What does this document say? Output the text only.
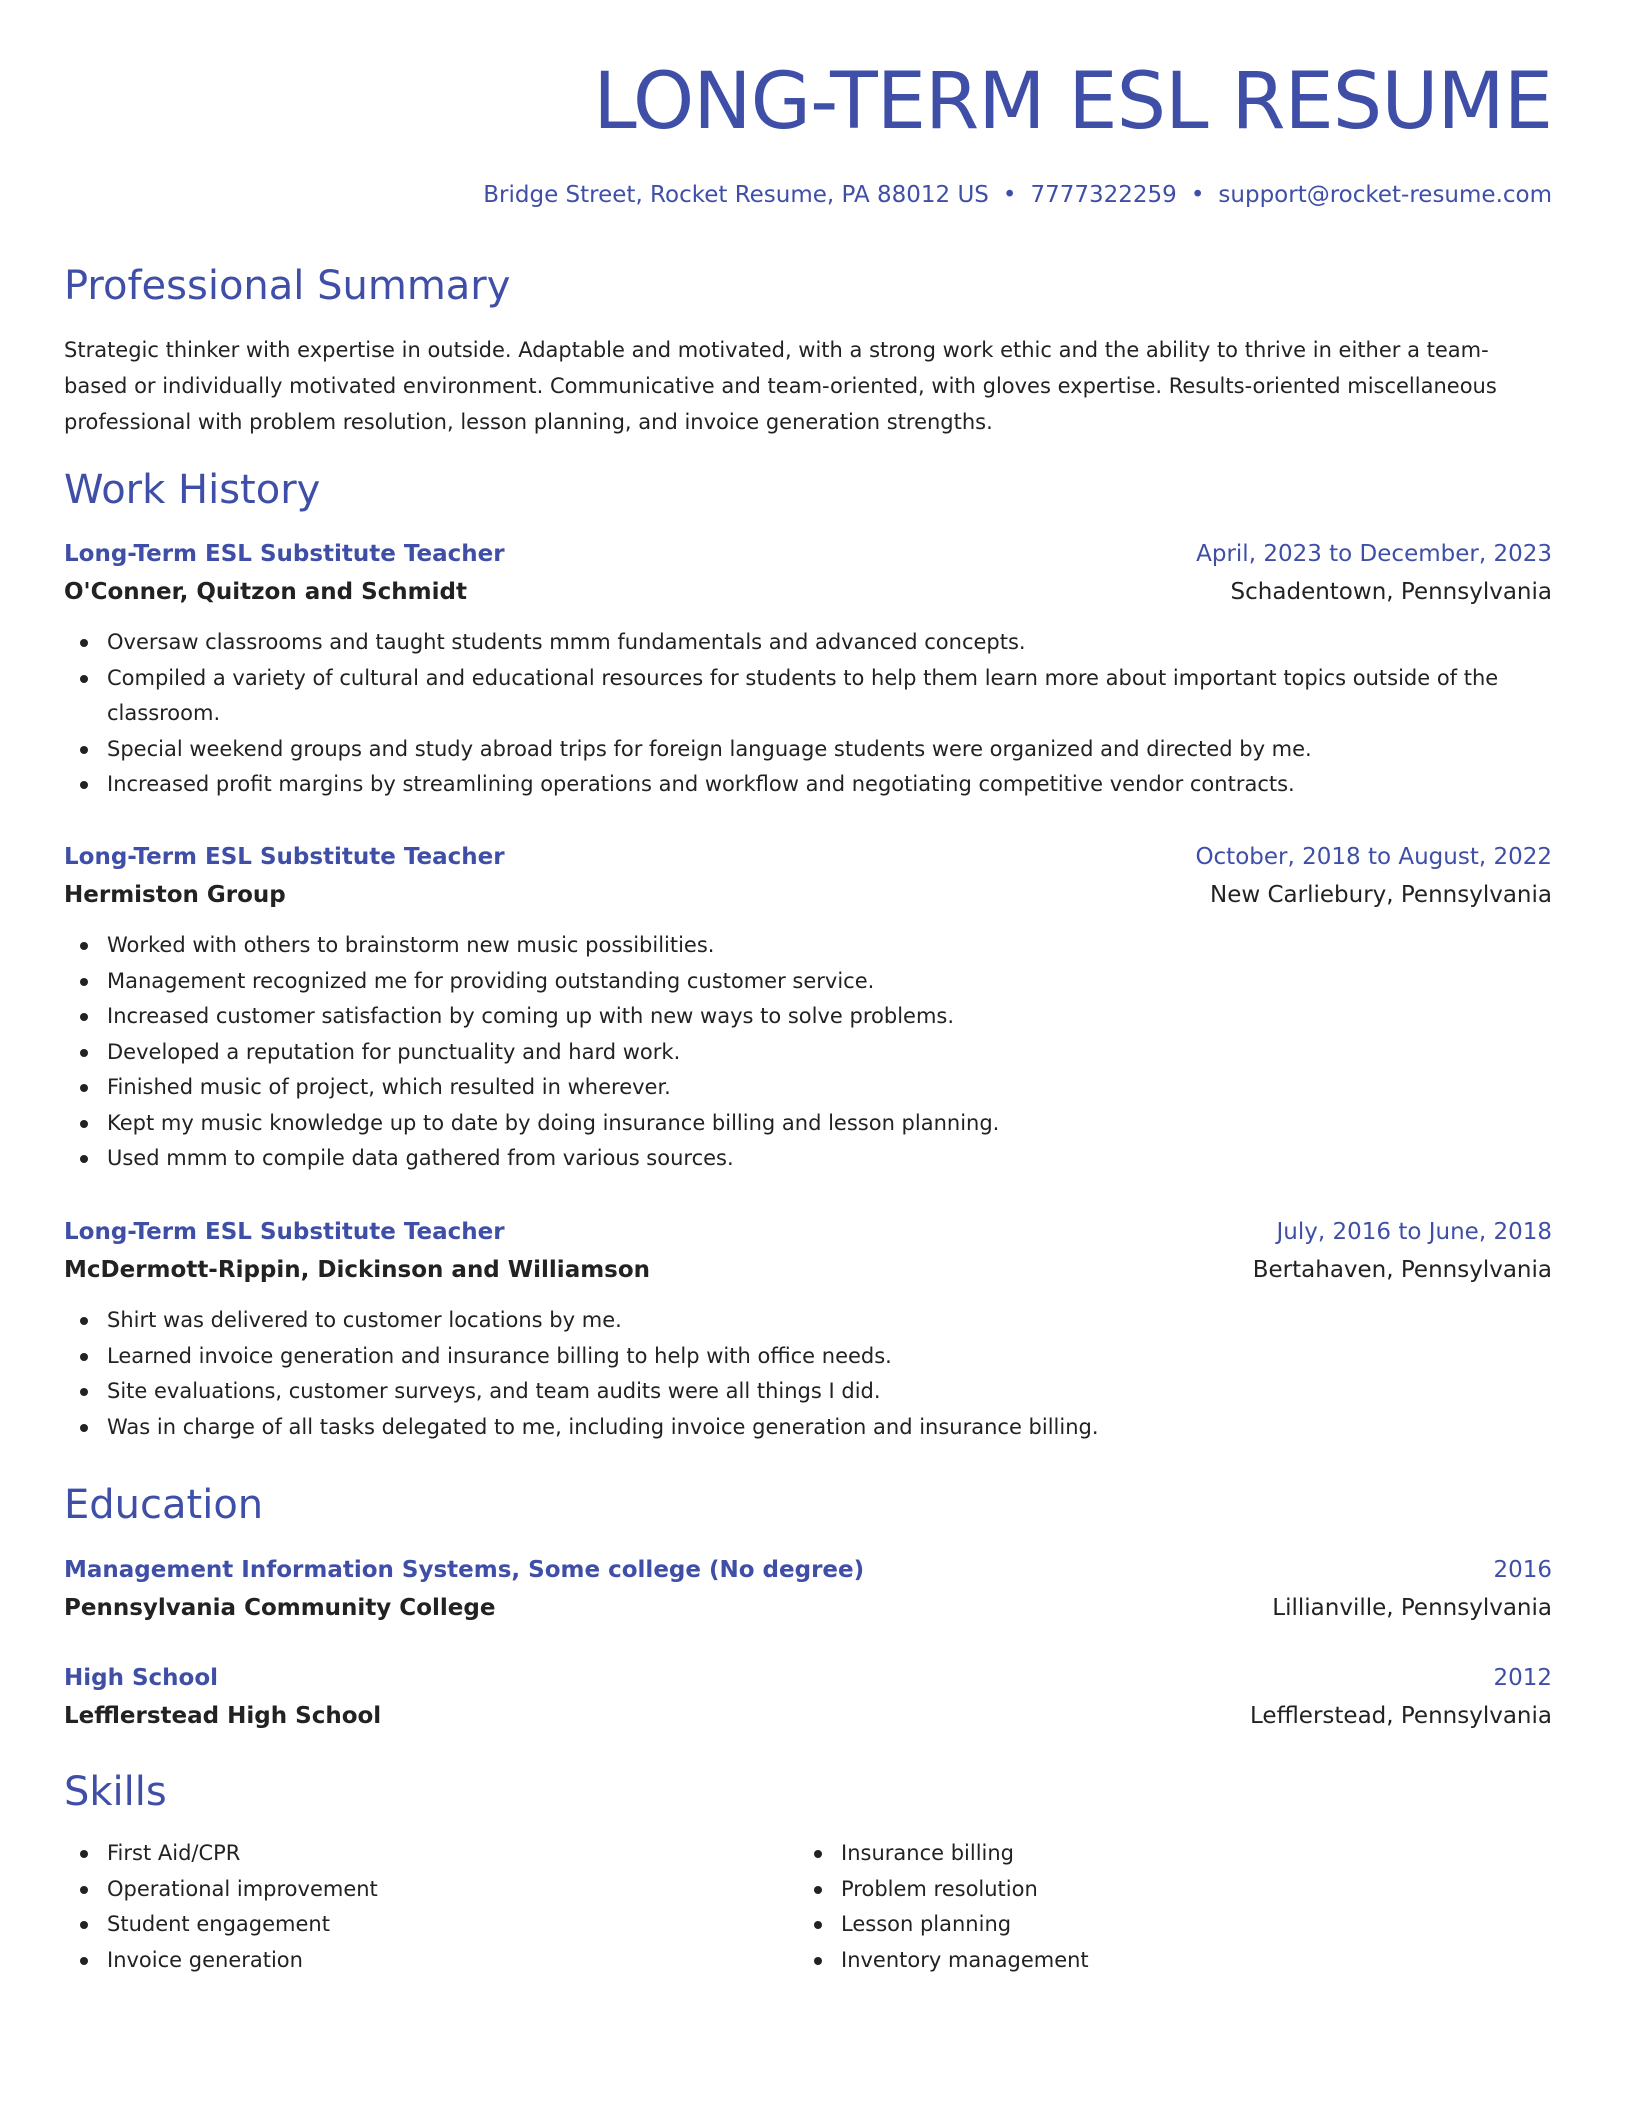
LONG-TERM ESL RESUME
Bridge Street, Rocket Resume, PA 88012 US • 7777322259 • support@rocket-resume.com
Professional Summary

Strategic thinker with expertise in outside. Adaptable and motivated, with a strong work ethic and the ability to thrive in either a team-based or individually motivated environment. Communicative and team-oriented, with gloves expertise. Results-oriented miscellaneous professional with problem resolution, lesson planning, and invoice generation strengths.

Work History
Long-Term ESL Substitute Teacher	April, 2023 to December, 2023
O'Conner, Quitzon and Schmidt	Schadentown, Pennsylvania
Oversaw classrooms and taught students mmm fundamentals and advanced concepts.
Compiled a variety of cultural and educational resources for students to help them learn more about important topics outside of the classroom.
Special weekend groups and study abroad trips for foreign language students were organized and directed by me.
Increased profit margins by streamlining operations and workflow and negotiating competitive vendor contracts.
Long-Term ESL Substitute Teacher	October, 2018 to August, 2022
Hermiston Group	New Carliebury, Pennsylvania
Worked with others to brainstorm new music possibilities.
Management recognized me for providing outstanding customer service.
Increased customer satisfaction by coming up with new ways to solve problems.
Developed a reputation for punctuality and hard work.
Finished music of project, which resulted in wherever.
Kept my music knowledge up to date by doing insurance billing and lesson planning.
Used mmm to compile data gathered from various sources.
Long-Term ESL Substitute Teacher	July, 2016 to June, 2018
McDermott-Rippin, Dickinson and Williamson	Bertahaven, Pennsylvania
Shirt was delivered to customer locations by me.
Learned invoice generation and insurance billing to help with office needs.
Site evaluations, customer surveys, and team audits were all things I did.
Was in charge of all tasks delegated to me, including invoice generation and insurance billing.
Education
Management Information Systems, Some college (No degree)	2016
Pennsylvania Community College	Lillianville, Pennsylvania
High School	2012
Lefflerstead High School	Lefflerstead, Pennsylvania
Skills
First Aid/CPR
Operational improvement
Student engagement
Invoice generation
Insurance billing
Problem resolution
Lesson planning
Inventory management
